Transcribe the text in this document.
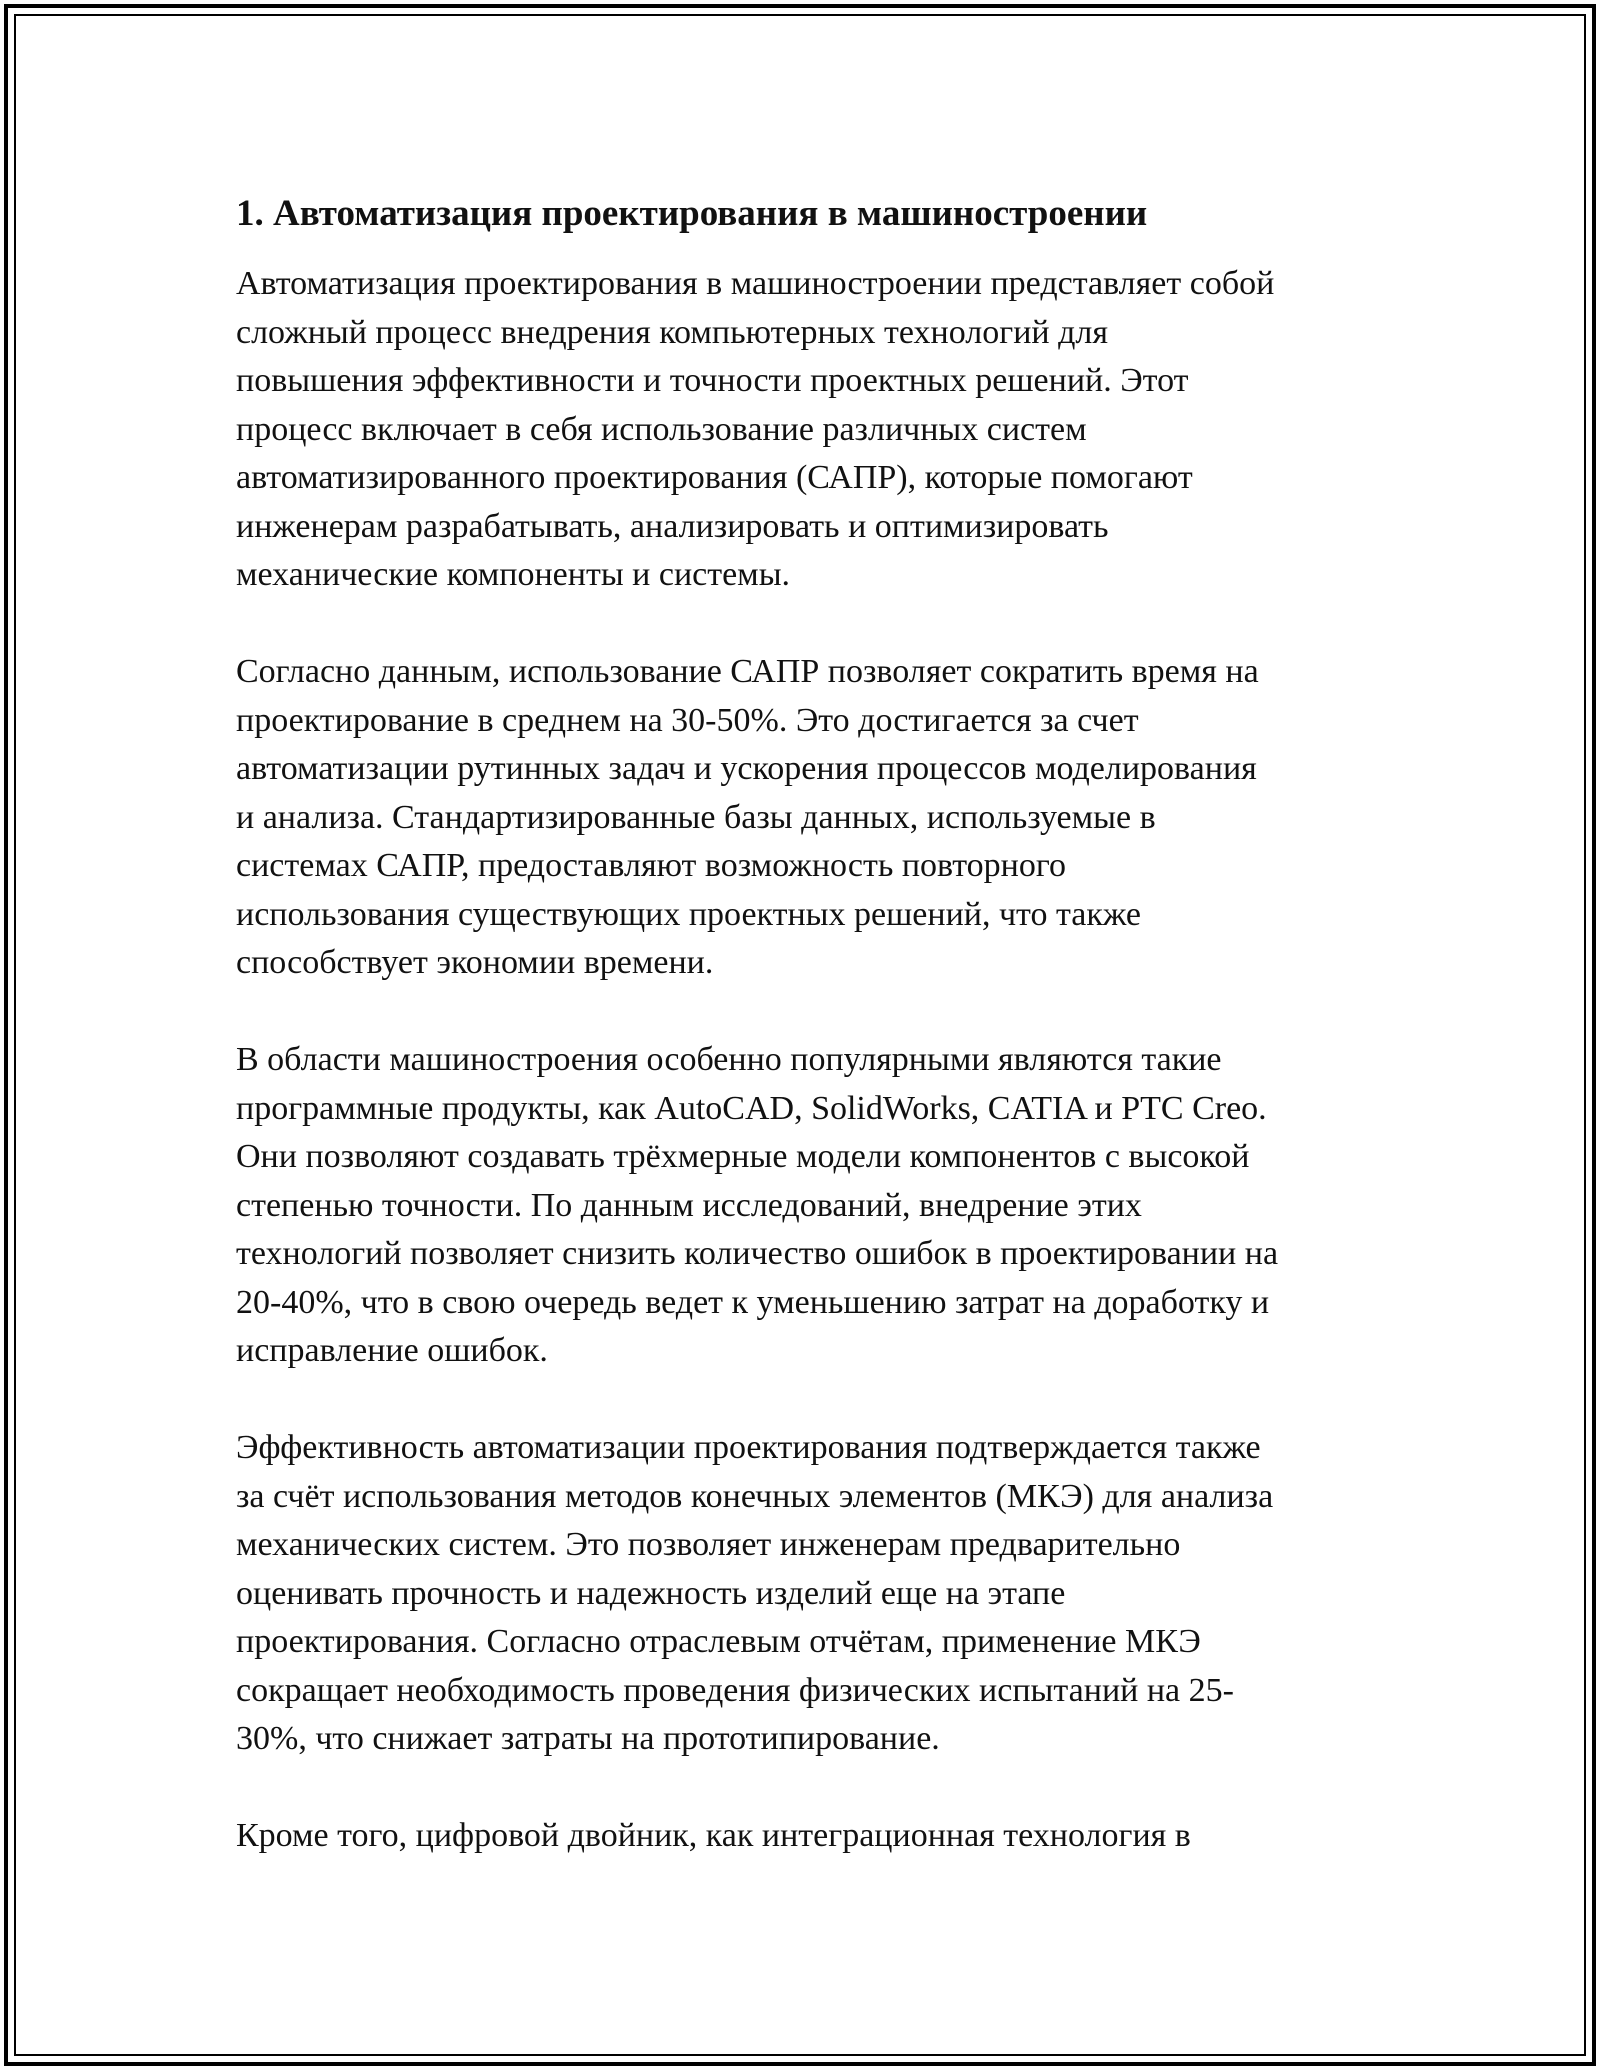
1. Автоматизация проектирования в машиностроении

Автоматизация проектирования в машиностроении представляет собой
сложный процесс внедрения компьютерных технологий для
повышения эффективности и точности проектных решений. Этот
процесс включает в себя использование различных систем
автоматизированного проектирования (САПР), которые помогают
инженерам разрабатывать, анализировать и оптимизировать
механические компоненты и системы.

Согласно данным, использование САПР позволяет сократить время на
проектирование в среднем на 30-50%. Это достигается за счет
автоматизации рутинных задач и ускорения процессов моделирования
и анализа. Стандартизированные базы данных, используемые в
системах САПР, предоставляют возможность повторного
использования существующих проектных решений, что также
способствует экономии времени.

В области машиностроения особенно популярными являются такие
программные продукты, как AutoCAD, SolidWorks, CATIA и PTC Creo.
Они позволяют создавать трёхмерные модели компонентов с высокой
степенью точности. По данным исследований, внедрение этих
технологий позволяет снизить количество ошибок в проектировании на
20-40%, что в свою очередь ведет к уменьшению затрат на доработку и
исправление ошибок.

Эффективность автоматизации проектирования подтверждается также
за счёт использования методов конечных элементов (МКЭ) для анализа
механических систем. Это позволяет инженерам предварительно
оценивать прочность и надежность изделий еще на этапе
проектирования. Согласно отраслевым отчётам, применение МКЭ
сокращает необходимость проведения физических испытаний на 25-
30%, что снижает затраты на прототипирование.

Кроме того, цифровой двойник, как интеграционная технология в
